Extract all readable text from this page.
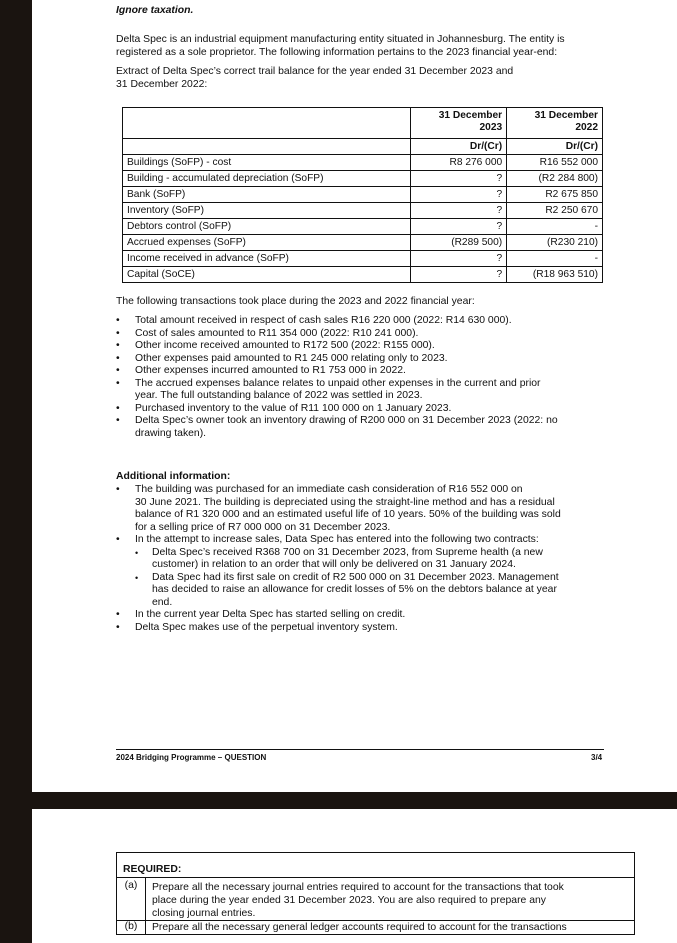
Ignore taxation.

Delta Spec is an industrial equipment manufacturing entity situated in Johannesburg. The entity is
registered as a sole proprietor. The following information pertains to the 2023 financial year-end:

Extract of Delta Spec’s correct trail balance for the year ended 31 December 2023 and
31 December 2022:

	31 December
2023	31 December
2022
	Dr/(Cr)	Dr/(Cr)
Buildings (SoFP) - cost	R8 276 000	R16 552 000
Building - accumulated depreciation (SoFP)	?	(R2 284 800)
Bank (SoFP)	?	R2 675 850
Inventory (SoFP)	?	R2 250 670
Debtors control (SoFP)	?	-
Accrued expenses (SoFP)	(R289 500)	(R230 210)
Income received in advance (SoFP)	?	-
Capital (SoCE)	?	(R18 963 510)

The following transactions took place during the 2023 and 2022 financial year:

• Total amount received in respect of cash sales R16 220 000 (2022: R14 630 000).
• Cost of sales amounted to R11 354 000 (2022: R10 241 000).
• Other income received amounted to R172 500 (2022: R155 000).
• Other expenses paid amounted to R1 245 000 relating only to 2023.
• Other expenses incurred amounted to R1 753 000 in 2022.
• The accrued expenses balance relates to unpaid other expenses in the current and prior
year. The full outstanding balance of 2022 was settled in 2023.
• Purchased inventory to the value of R11 100 000 on 1 January 2023.
• Delta Spec’s owner took an inventory drawing of R200 000 on 31 December 2023 (2022: no
drawing taken).

Additional information:

• The building was purchased for an immediate cash consideration of R16 552 000 on
30 June 2021. The building is depreciated using the straight-line method and has a residual
balance of R1 320 000 and an estimated useful life of 10 years. 50% of the building was sold
for a selling price of R7 000 000 on 31 December 2023.
• In the attempt to increase sales, Data Spec has entered into the following two contracts:
• Delta Spec’s received R368 700 on 31 December 2023, from Supreme health (a new
customer) in relation to an order that will only be delivered on 31 January 2024.
• Data Spec had its first sale on credit of R2 500 000 on 31 December 2023. Management
has decided to raise an allowance for credit losses of 5% on the debtors balance at year
end.
• In the current year Delta Spec has started selling on credit.
• Delta Spec makes use of the perpetual inventory system.
2024 Bridging Programme – QUESTION	3/4
REQUIRED:
(a)	Prepare all the necessary journal entries required to account for the transactions that took
place during the year ended 31 December 2023. You are also required to prepare any
closing journal entries.
(b)	Prepare all the necessary general ledger accounts required to account for the transactions
